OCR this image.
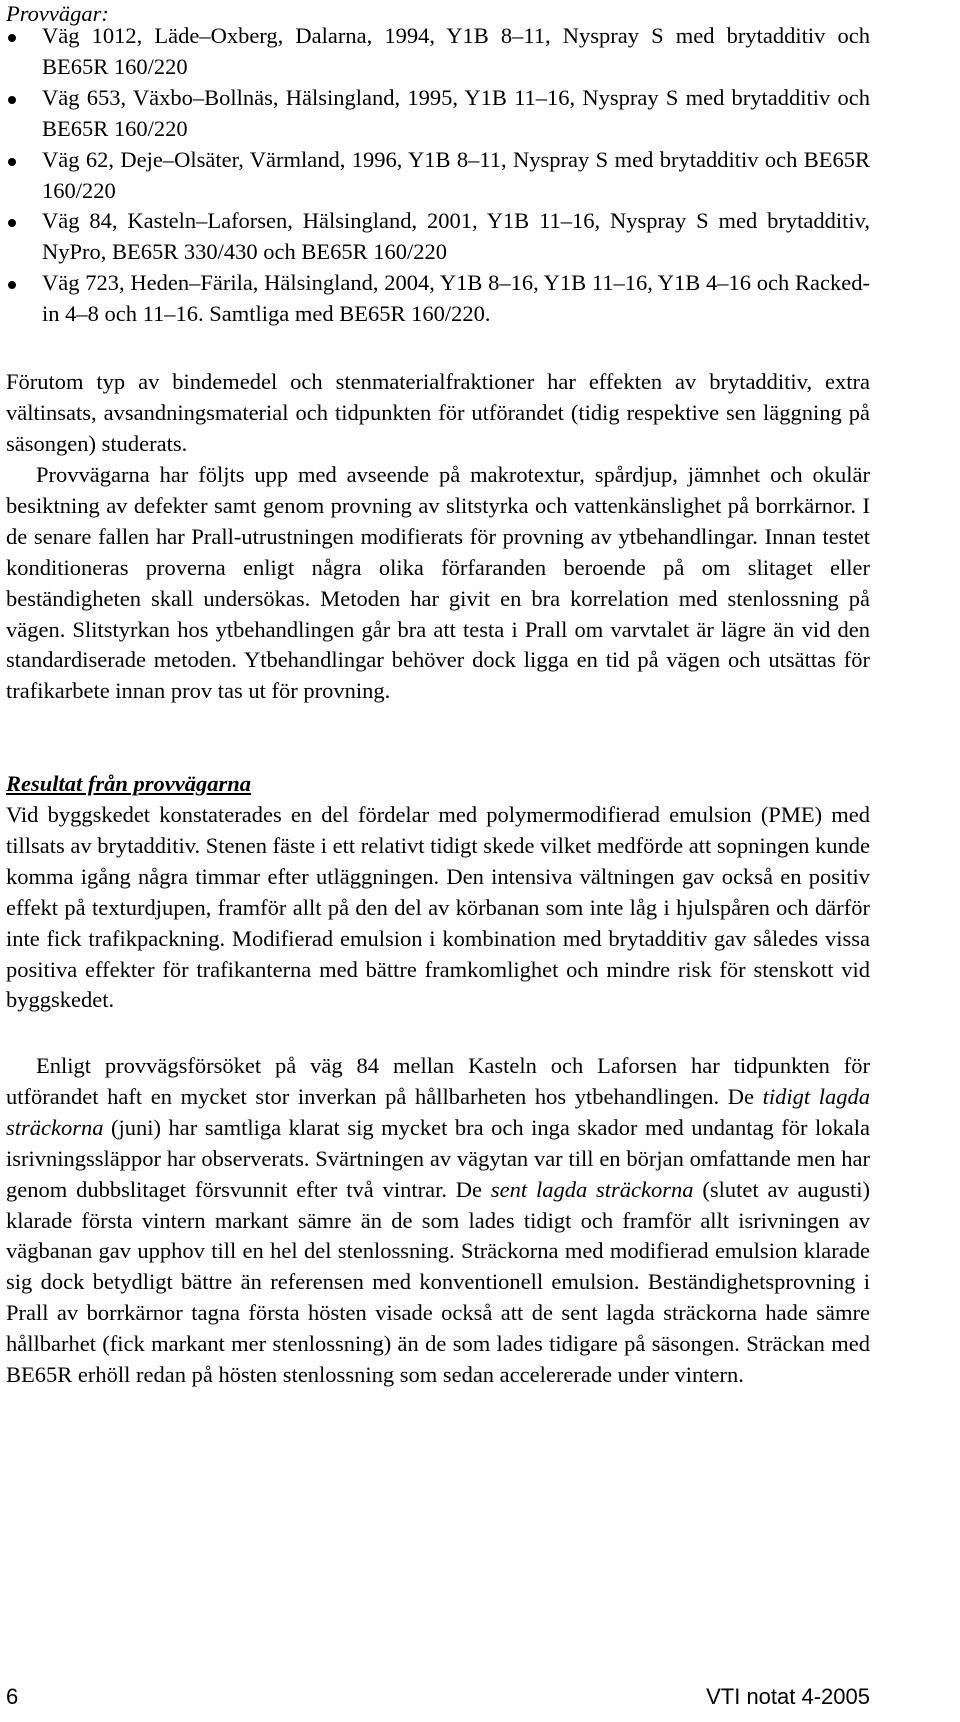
Provvägar:

Väg 1012, Läde–Oxberg, Dalarna, 1994, Y1B 8–11, Nyspray S med brytadditiv och BE65R 160/220
Väg 653, Växbo–Bollnäs, Hälsingland, 1995, Y1B 11–16, Nyspray S med brytadditiv och BE65R 160/220
Väg 62, Deje–Olsäter, Värmland, 1996, Y1B 8–11, Nyspray S med brytadditiv och BE65R 160/220
Väg 84, Kasteln–Laforsen, Hälsingland, 2001, Y1B 11–16, Nyspray S med brytadditiv, NyPro, BE65R 330/430 och BE65R 160/220
Väg 723, Heden–Färila, Hälsingland, 2004, Y1B 8–16, Y1B 11–16, Y1B 4–16 och Racked-in 4–8 och 11–16. Samtliga med BE65R 160/220.

Förutom typ av bindemedel och stenmaterialfraktioner har effekten av brytadditiv, extra vältinsats, avsandningsmaterial och tidpunkten för utförandet (tidig respektive sen läggning på säsongen) studerats.

Provvägarna har följts upp med avseende på makrotextur, spårdjup, jämnhet och okulär besiktning av defekter samt genom provning av slitstyrka och vattenkänslighet på borrkärnor. I de senare fallen har Prall-utrustningen modifierats för provning av ytbehandlingar. Innan testet konditioneras proverna enligt några olika förfaranden beroende på om slitaget eller beständigheten skall undersökas. Metoden har givit en bra korrelation med stenlossning på vägen. Slitstyrkan hos ytbehandlingen går bra att testa i Prall om varvtalet är lägre än vid den standardiserade metoden. Ytbehandlingar behöver dock ligga en tid på vägen och utsättas för trafikarbete innan prov tas ut för provning.

Resultat från provvägarna

Vid byggskedet konstaterades en del fördelar med polymermodifierad emulsion (PME) med tillsats av brytadditiv. Stenen fäste i ett relativt tidigt skede vilket medförde att sopningen kunde komma igång några timmar efter utläggningen. Den intensiva vältningen gav också en positiv effekt på texturdjupen, framför allt på den del av körbanan som inte låg i hjulspåren och därför inte fick trafikpackning. Modifierad emulsion i kombination med brytadditiv gav således vissa positiva effekter för trafikanterna med bättre framkomlighet och mindre risk för stenskott vid byggskedet.

Enligt provvägsförsöket på väg 84 mellan Kasteln och Laforsen har tidpunkten för utförandet haft en mycket stor inverkan på hållbarheten hos ytbehandlingen. De tidigt lagda sträckorna (juni) har samtliga klarat sig mycket bra och inga skador med undantag för lokala isrivningssläppor har observerats. Svärtningen av vägytan var till en början omfattande men har genom dubbslitaget försvunnit efter två vintrar. De sent lagda sträckorna (slutet av augusti) klarade första vintern markant sämre än de som lades tidigt och framför allt isrivningen av vägbanan gav upphov till en hel del stenlossning. Sträckorna med modifierad emulsion klarade sig dock betydligt bättre än referensen med konventionell emulsion. Beständighetsprovning i Prall av borrkärnor tagna första hösten visade också att de sent lagda sträckorna hade sämre hållbarhet (fick markant mer stenlossning) än de som lades tidigare på säsongen. Sträckan med BE65R erhöll redan på hösten stenlossning som sedan accelererade under vintern.

6	VTI notat 4-2005
